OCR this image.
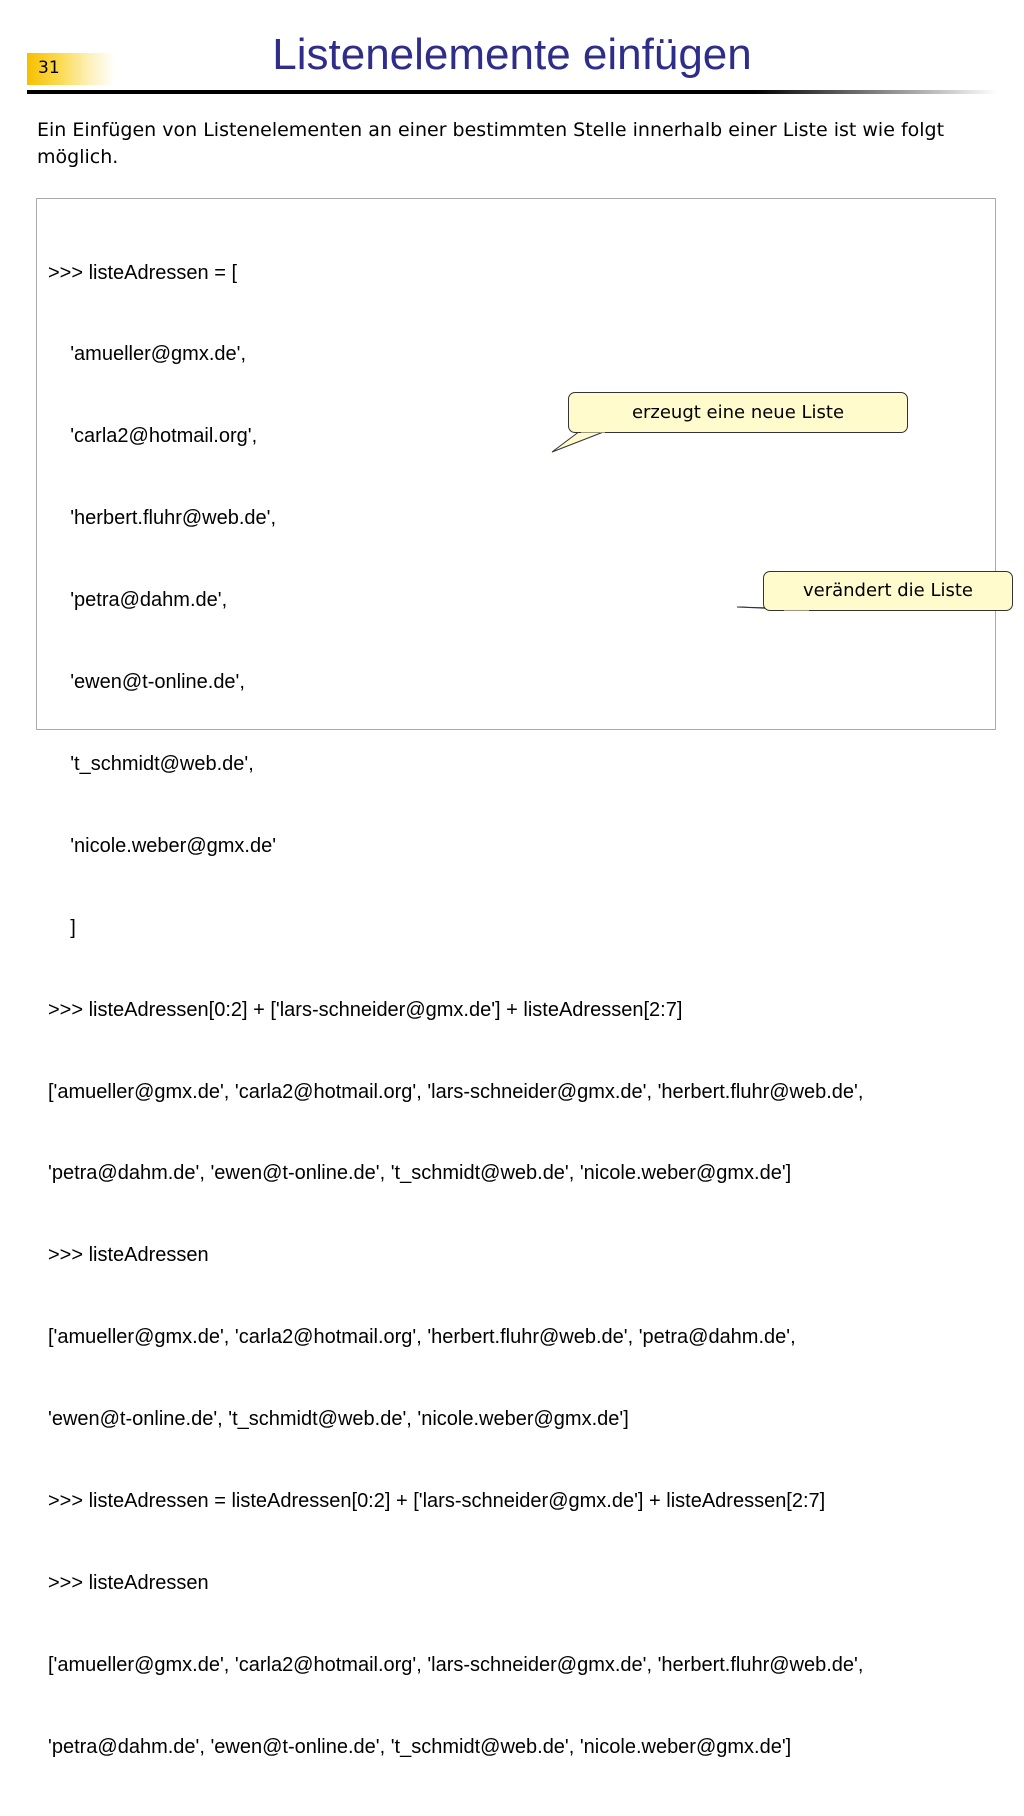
31	Listenelemente einfügen
Ein Einfügen von Listenelementen an einer bestimmten Stelle innerhalb einer Liste ist wie folgt möglich.

>>> listeAdressen = [

'amueller@gmx.de',

'carla2@hotmail.org',

'herbert.fluhr@web.de',

'petra@dahm.de',

'ewen@t-online.de',

't_schmidt@web.de',

'nicole.weber@gmx.de'

]

>>> listeAdressen[0:2] + ['lars-schneider@gmx.de'] + listeAdressen[2:7]

['amueller@gmx.de', 'carla2@hotmail.org', 'lars-schneider@gmx.de', 'herbert.fluhr@web.de',

'petra@dahm.de', 'ewen@t-online.de', 't_schmidt@web.de', 'nicole.weber@gmx.de']

>>> listeAdressen

['amueller@gmx.de', 'carla2@hotmail.org', 'herbert.fluhr@web.de', 'petra@dahm.de',

'ewen@t-online.de', 't_schmidt@web.de', 'nicole.weber@gmx.de']

>>> listeAdressen = listeAdressen[0:2] + ['lars-schneider@gmx.de'] + listeAdressen[2:7]

>>> listeAdressen

['amueller@gmx.de', 'carla2@hotmail.org', 'lars-schneider@gmx.de', 'herbert.fluhr@web.de',

'petra@dahm.de', 'ewen@t-online.de', 't_schmidt@web.de', 'nicole.weber@gmx.de']

erzeugt eine neue Liste
verändert die Liste
